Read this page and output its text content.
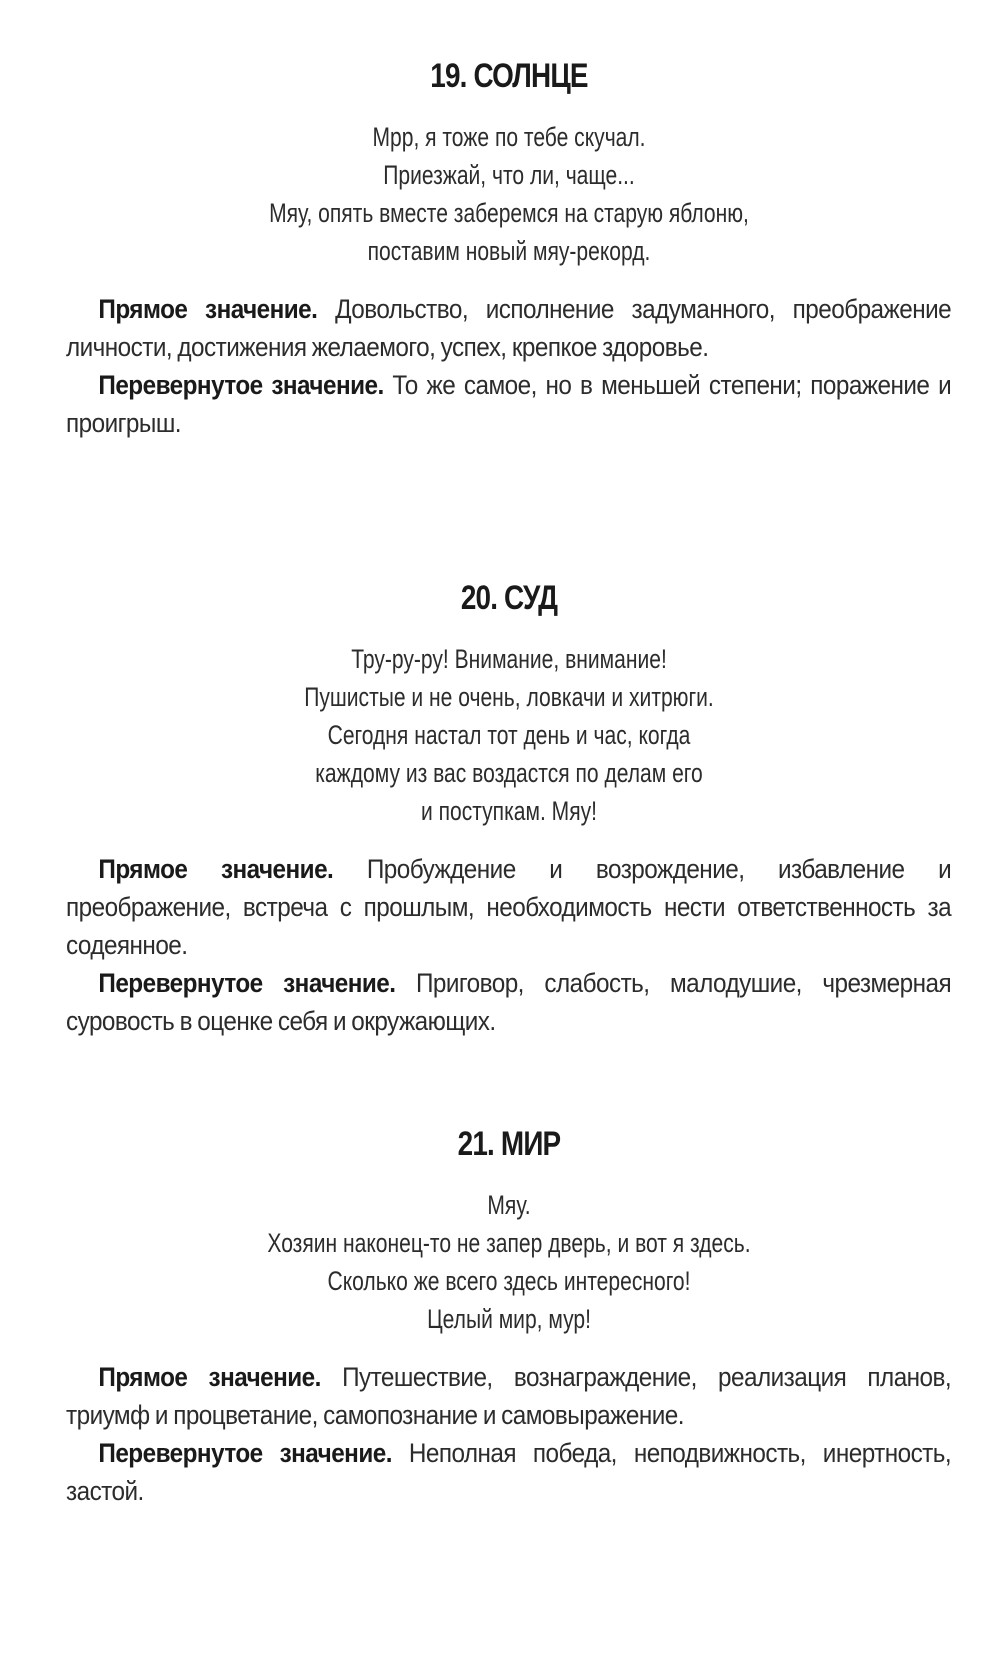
19. СОЛНЦЕ
Мрр, я тоже по тебе скучал.
Приезжай, что ли, чаще...
Мяу, опять вместе заберемся на старую яблоню,
поставим новый мяу-рекорд.

Прямое значение. Довольство, исполнение задуманного, преображение личности, достижения желаемого, успех, крепкое здоровье.

Перевернутое значение. То же самое, но в меньшей степени; поражение и проигрыш.

20. СУД
Тру-ру-ру! Внимание, внимание!
Пушистые и не очень, ловкачи и хитрюги.
Сегодня настал тот день и час, когда
каждому из вас воздастся по делам его
и поступкам. Мяу!

Прямое значение. Пробуждение и возрождение, избавление и преображение, встреча с прошлым, необходимость нести ответственность за содеянное.

Перевернутое значение. Приговор, слабость, малодушие, чрезмерная суровость в оценке себя и окружающих.

21. МИР
Мяу.
Хозяин наконец-то не запер дверь, и вот я здесь.
Сколько же всего здесь интересного!
Целый мир, мур!

Прямое значение. Путешествие, вознаграждение, реализация планов, триумф и процветание, самопознание и самовыражение.

Перевернутое значение. Неполная победа, неподвижность, инертность, застой.
